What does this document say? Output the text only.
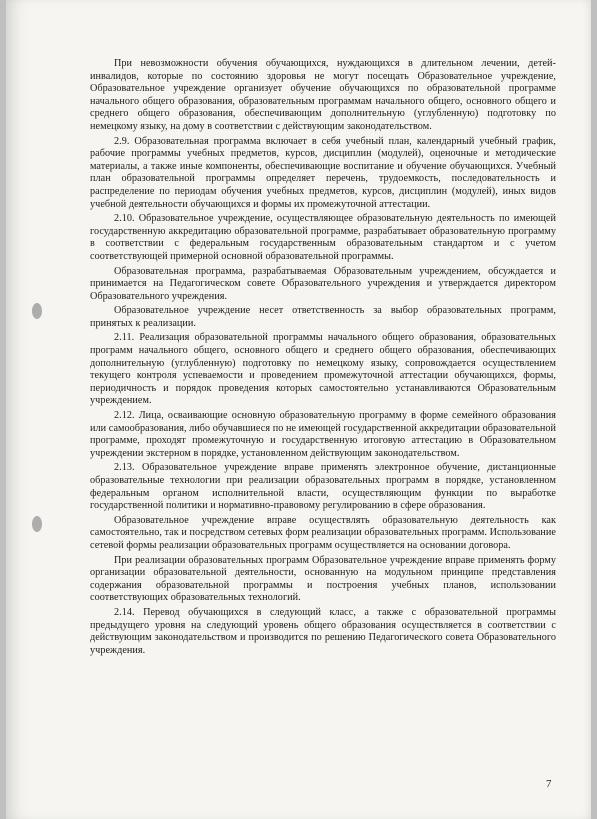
При невозможности обучения обучающихся, нуждающихся в длительном лечении, детей-инвалидов, которые по состоянию здоровья не могут посещать Образовательное учреждение, Образовательное учреждение организует обучение обучающихся по образовательной программе начального общего образования, образовательным программам начального общего, основного общего и среднего общего образования, обеспечивающим дополнительную (углубленную) подготовку по немецкому языку, на дому в соответствии с действующим законодательством.

2.9. Образовательная программа включает в себя учебный план, календарный учебный график, рабочие программы учебных предметов, курсов, дисциплин (модулей), оценочные и методические материалы, а также иные компоненты, обеспечивающие воспитание и обучение обучающихся. Учебный план образовательной программы определяет перечень, трудоемкость, последовательность и распределение по периодам обучения учебных предметов, курсов, дисциплин (модулей), иных видов учебной деятельности обучающихся и формы их промежуточной аттестации.

2.10. Образовательное учреждение, осуществляющее образовательную деятельность по имеющей государственную аккредитацию образовательной программе, разрабатывает образовательную программу в соответствии с федеральным государственным образовательным стандартом и с учетом соответствующей примерной основной образовательной программы.

Образовательная программа, разрабатываемая Образовательным учреждением, обсуждается и принимается на Педагогическом совете Образовательного учреждения и утверждается директором Образовательного учреждения.

Образовательное учреждение несет ответственность за выбор образовательных программ, принятых к реализации.

2.11. Реализация образовательной программы начального общего образования, образовательных программ начального общего, основного общего и среднего общего образования, обеспечивающих дополнительную (углубленную) подготовку по немецкому языку, сопровождается осуществлением текущего контроля успеваемости и проведением промежуточной аттестации обучающихся, формы, периодичность и порядок проведения которых самостоятельно устанавливаются Образовательным учреждением.

2.12. Лица, осваивающие основную образовательную программу в форме семейного образования или самообразования, либо обучавшиеся по не имеющей государственной аккредитации образовательной программе, проходят промежуточную и государственную итоговую аттестацию в Образовательном учреждении экстерном в порядке, установленном действующим законодательством.

2.13. Образовательное учреждение вправе применять электронное обучение, дистанционные образовательные технологии при реализации образовательных программ в порядке, установленном федеральным органом исполнительной власти, осуществляющим функции по выработке государственной политики и нормативно-правовому регулированию в сфере образования.

Образовательное учреждение вправе осуществлять образовательную деятельность как самостоятельно, так и посредством сетевых форм реализации образовательных программ. Использование сетевой формы реализации образовательных программ осуществляется на основании договора.

При реализации образовательных программ Образовательное учреждение вправе применять форму организации образовательной деятельности, основанную на модульном принципе представления содержания образовательной программы и построения учебных планов, использовании соответствующих образовательных технологий.

2.14. Перевод обучающихся в следующий класс, а также с образовательной программы предыдущего уровня на следующий уровень общего образования осуществляется в соответствии с действующим законодательством и производится по решению Педагогического совета Образовательного учреждения.

7
